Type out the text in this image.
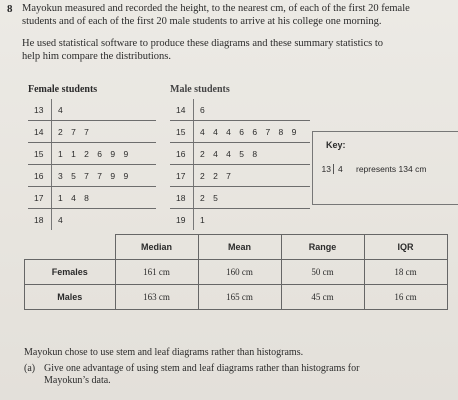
8 Mayokun measured and recorded the height, to the nearest cm, of each of the first 20 female
students and of each of the first 20 male students to arrive at his college one morning.
He used statistical software to produce these diagrams and these summary statistics to
help him compare the distributions.
Female students	Male students
13	4
14	2 7 7
15	1 1 2 6 9 9
16	3 5 7 7 9 9
17	1 4 8
18	4
14	6
15	4 4 4 6 6 7 8 9
16	2 4 4 5 8
17	2 2 7
18	2 5
19	1
Key:
13 4 represents 134 cm
	Median	Mean	Range	IQR
Females	161 cm	160 cm	50 cm	18 cm
Males	163 cm	165 cm	45 cm	16 cm
Mayokun chose to use stem and leaf diagrams rather than histograms.
(a) Give one advantage of using stem and leaf diagrams rather than histograms for
Mayokun’s data.
